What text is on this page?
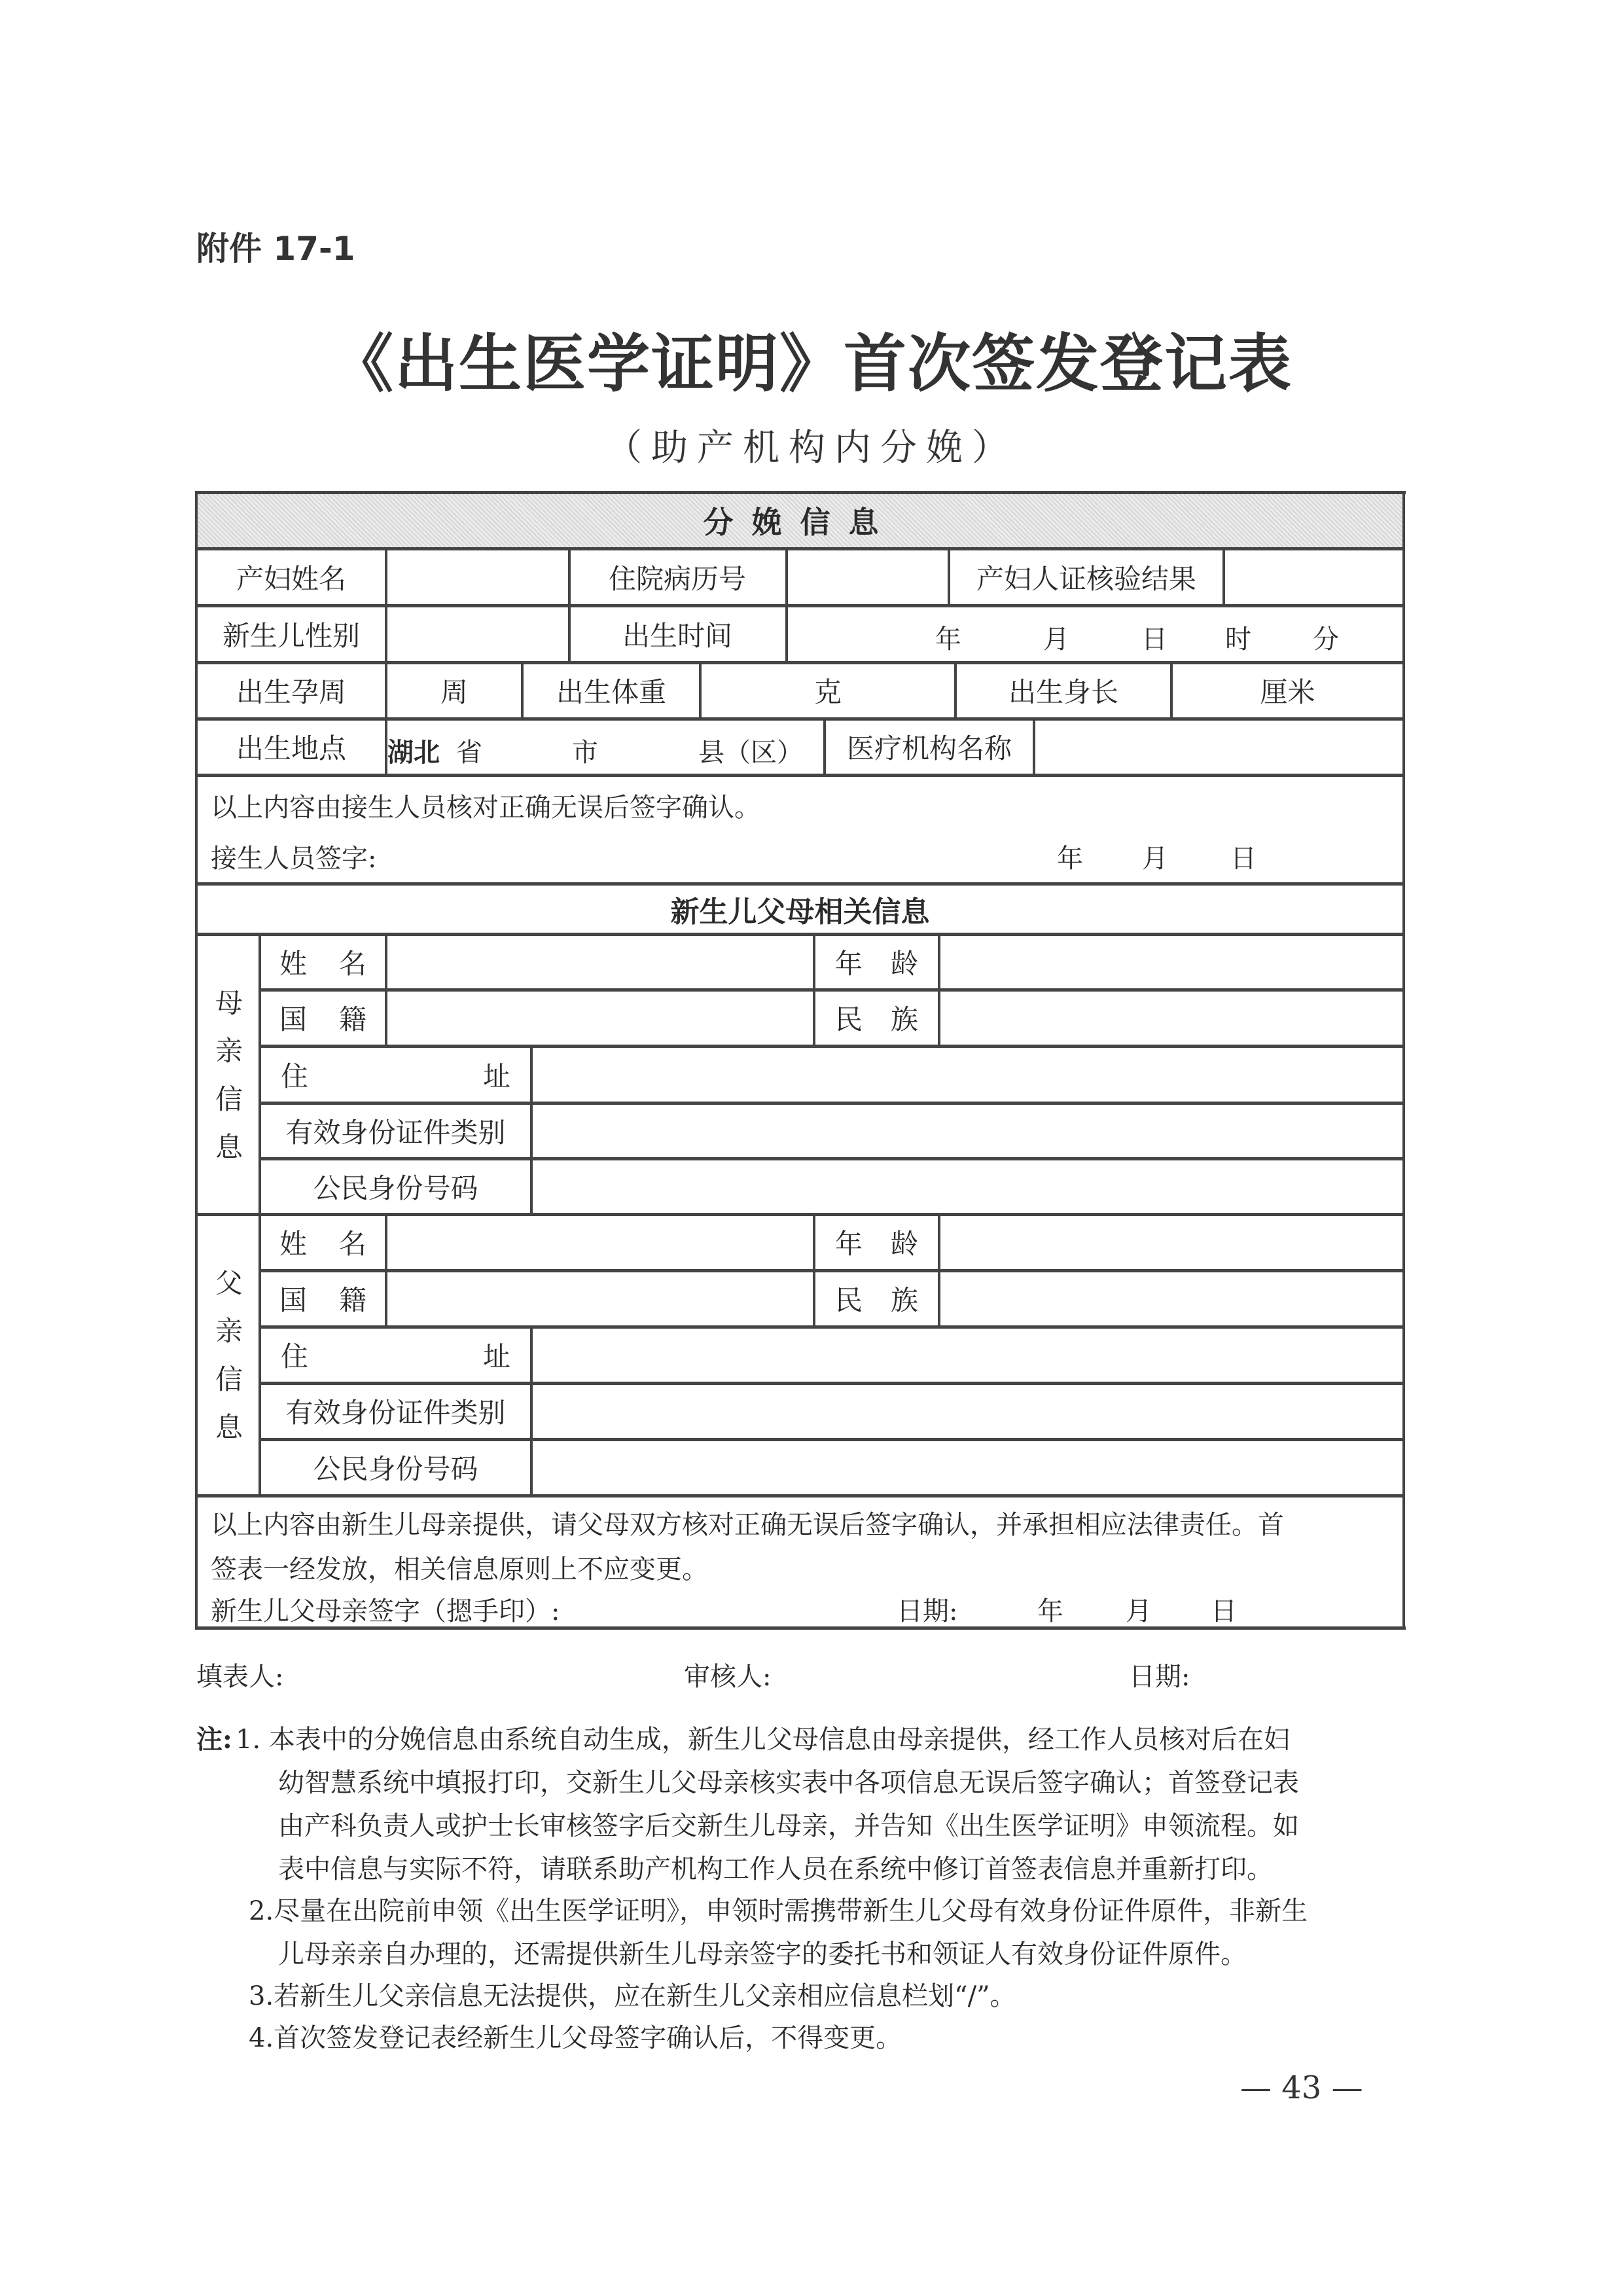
附件 17-1
《出生医学证明》首次签发登记表
（助产机构内分娩）
分娩信息
产妇姓名	住院病历号	产妇人证核验结果
新生儿性别	出生时间	年	月	日 时 分
出生孕周	周	出生体重	克	出生身长	厘米
出生地点	湖北 省	市	县（区）	医疗机构名称
以上内容由接生人员核对正确无误后签字确认。
接生人员签字:	年 月 日
新生儿父母相关信息
母
亲
信
息
姓 名	年 龄
国 籍	民 族
住	址
有效身份证件类别
公民身份号码
父
亲
信
息
姓 名	年 龄
国 籍	民 族
住	址
有效身份证件类别
公民身份号码
以上内容由新生儿母亲提供，请父母双方核对正确无误后签字确认，并承担相应法律责任。首
签表一经发放，相关信息原则上不应变更。
新生儿父母亲签字（摁手印）:	日期:	年 月 日
填表人:	审核人:	日期:
注: 1. 本表中的分娩信息由系统自动生成，新生儿父母信息由母亲提供，经工作人员核对后在妇
幼智慧系统中填报打印，交新生儿父母亲核实表中各项信息无误后签字确认；首签登记表
由产科负责人或护士长审核签字后交新生儿母亲，并告知《出生医学证明》申领流程。如
表中信息与实际不符，请联系助产机构工作人员在系统中修订首签表信息并重新打印。
2.尽量在出院前申领《出生医学证明》，申领时需携带新生儿父母有效身份证件原件，非新生
儿母亲亲自办理的，还需提供新生儿母亲签字的委托书和领证人有效身份证件原件。
3.若新生儿父亲信息无法提供，应在新生儿父亲相应信息栏划“/”。
4.首次签发登记表经新生儿父母签字确认后，不得变更。
— 43 —
